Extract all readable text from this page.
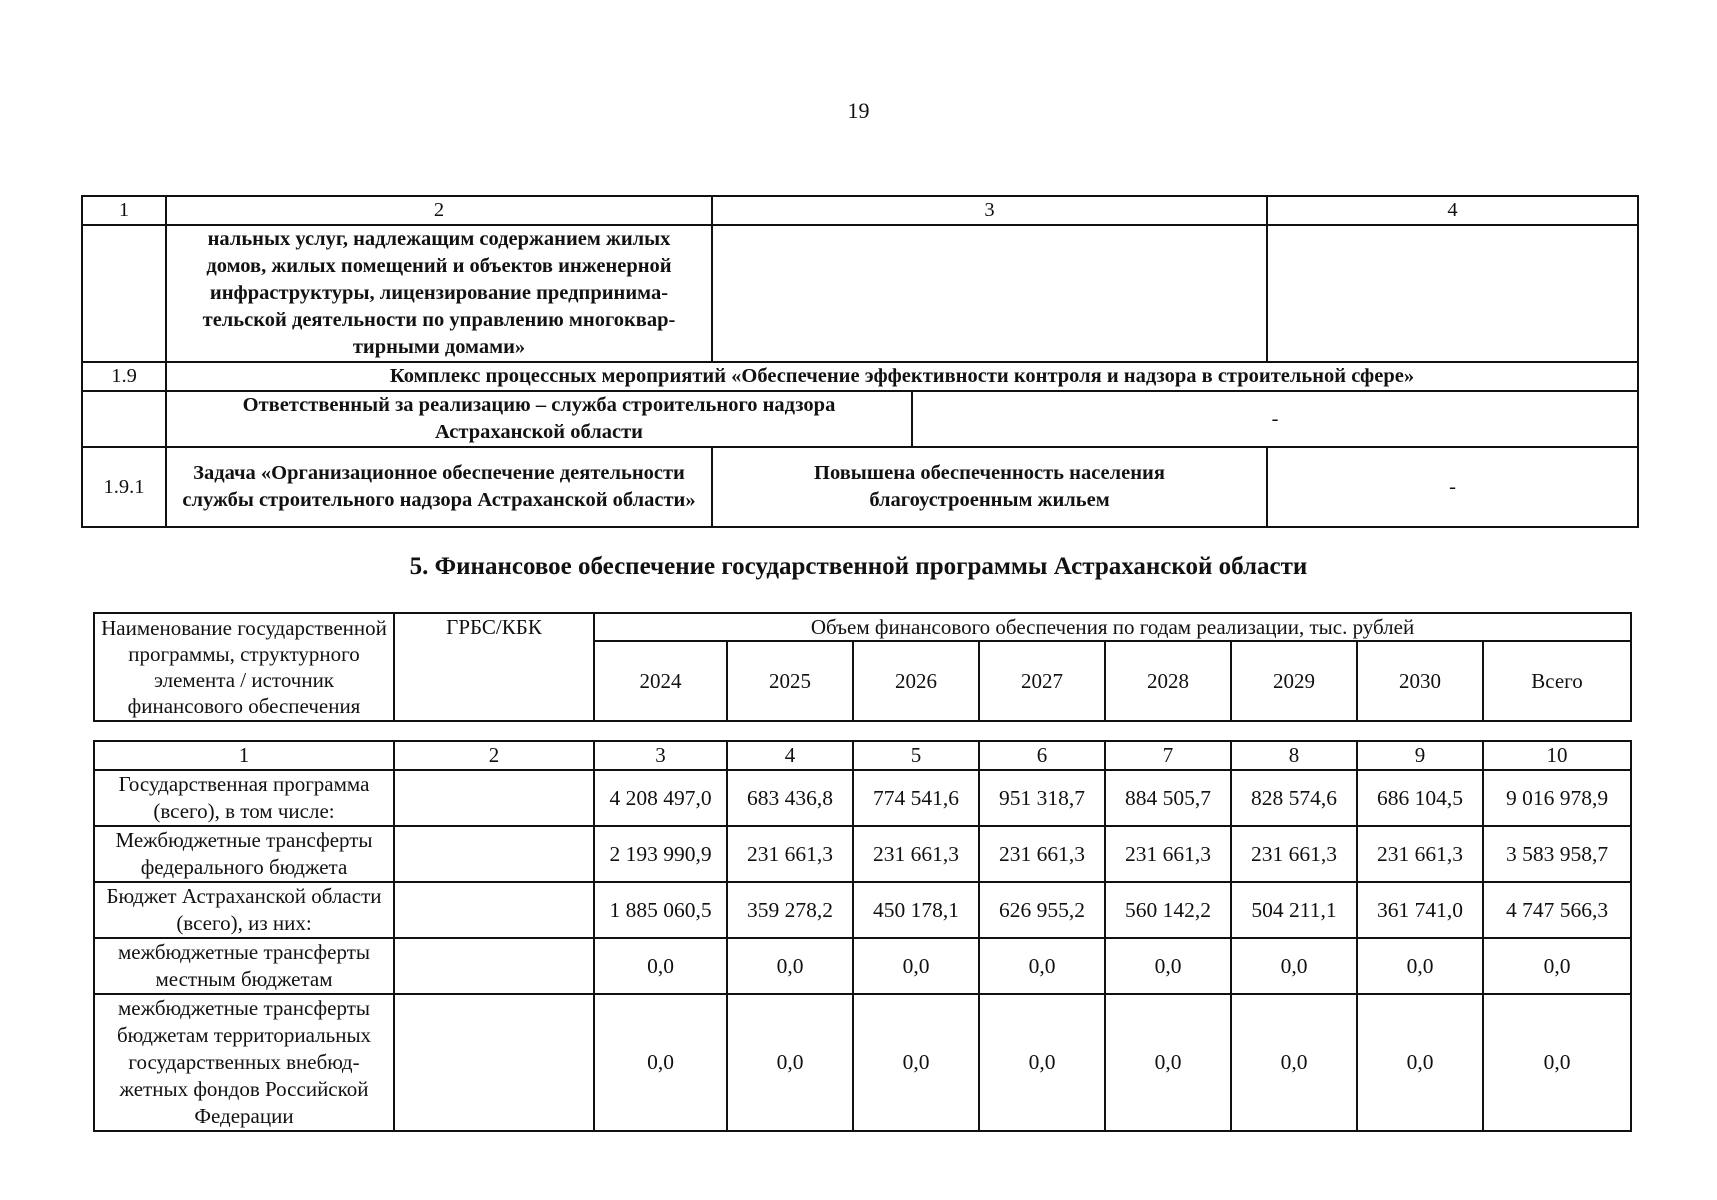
19
1	2	3		4
	нальных услуг, надлежащим содержанием жилых домов, жилых помещений и объектов инженерной инфраструктуры, лицензирование предпринимательской деятельности по управлению многоквартирными домами»			
1.9	Комплекс процессных мероприятий «Обеспечение эффективности контроля и надзора в строительной сфере»			
	Ответственный за реализацию – служба строительного надзора Астраханской области		-	
1.9.1	Задача «Организационное обеспечение деятельности службы строительного надзора Астраханской области»	Повышена обеспеченность населения благоустроенным жильем		-
5. Финансовое обеспечение государственной программы Астраханской области
Наименование государственной программы, структурного элемента / источник финансового обеспечения	ГРБС/КБК	Объем финансового обеспечения по годам реализации, тыс. рублей							
		2024	2025	2026	2027	2028	2029	2030	Всего
1	2	3	4	5	6	7	8	9	10
Государственная программа (всего), в том числе:		4 208 497,0	683 436,8	774 541,6	951 318,7	884 505,7	828 574,6	686 104,5	9 016 978,9
Межбюджетные трансферты федерального бюджета		2 193 990,9	231 661,3	231 661,3	231 661,3	231 661,3	231 661,3	231 661,3	3 583 958,7
Бюджет Астраханской области (всего), из них:		1 885 060,5	359 278,2	450 178,1	626 955,2	560 142,2	504 211,1	361 741,0	4 747 566,3
межбюджетные трансферты местным бюджетам		0,0	0,0	0,0	0,0	0,0	0,0	0,0	0,0
межбюджетные трансферты бюджетам территориальных государственных внебюджетных фондов Российской Федерации		0,0	0,0	0,0	0,0	0,0	0,0	0,0	0,0
